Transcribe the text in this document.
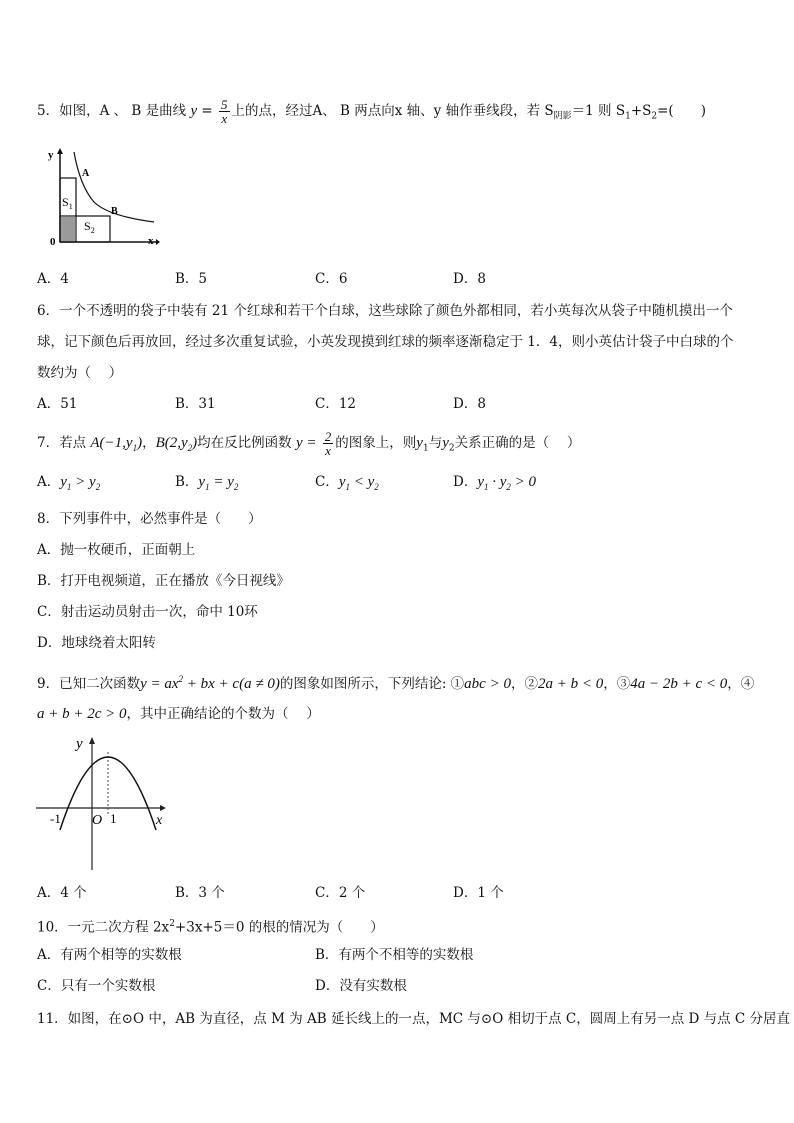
5．如图，A 、 B 是曲线 $y = \frac{5}{x}$ 上的点，经过A、 B 两点向x 轴、y 轴作垂线段，若 $S_{阴影}=1$ 则 $S_1+S_2=$(　　)
y
x
0
A
B
$S_1$
$S_2$
A．4	B．5	C．6	D．8
6．一个不透明的袋子中装有 21 个红球和若干个白球，这些球除了颜色外都相同，若小英每次从袋子中随机摸出一个
球，记下颜色后再放回，经过多次重复试验，小英发现摸到红球的频率逐渐稳定于 1．4，则小英估计袋子中白球的个
数约为（　 ）
A．51	B．31	C．12	D．8
7．若点 $A(-1,y_1)$，$B(2,y_2)$均在反比例函数 $y = \frac{2}{x}$ 的图象上，则$y_1$与$y_2$关系正确的是（　 ）
A．$y_1 > y_2$	B．$y_1 = y_2$	C．$y_1 < y_2$	D．$y_1 \cdot y_2 > 0$
8．下列事件中，必然事件是（　　）
A．抛一枚硬币，正面朝上
B．打开电视频道，正在播放《今日视线》
C．射击运动员射击一次，命中 10环
D．地球绕着太阳转
9．已知二次函数$y = ax^2$ + bx + c(a ≠ 0)的图象如图所示，下列结论: ①abc > 0，②2a + b < 0，③4a − 2b + c < 0，④
a + b + 2c > 0，其中正确结论的个数为（　 ）
y
x
O
-1	1
A．4 个	B．3 个	C．2 个	D．1 个
10．一元二次方程 $2x^2+3x+5=0$ 的根的情况为（　　）
A．有两个相等的实数根	B．有两个不相等的实数根
C．只有一个实数根	D．没有实数根
11．如图，在⊙O 中，AB 为直径，点 M 为 AB 延长线上的一点，MC 与⊙O 相切于点 C，圆周上有另一点 D 与点 C 分居直
